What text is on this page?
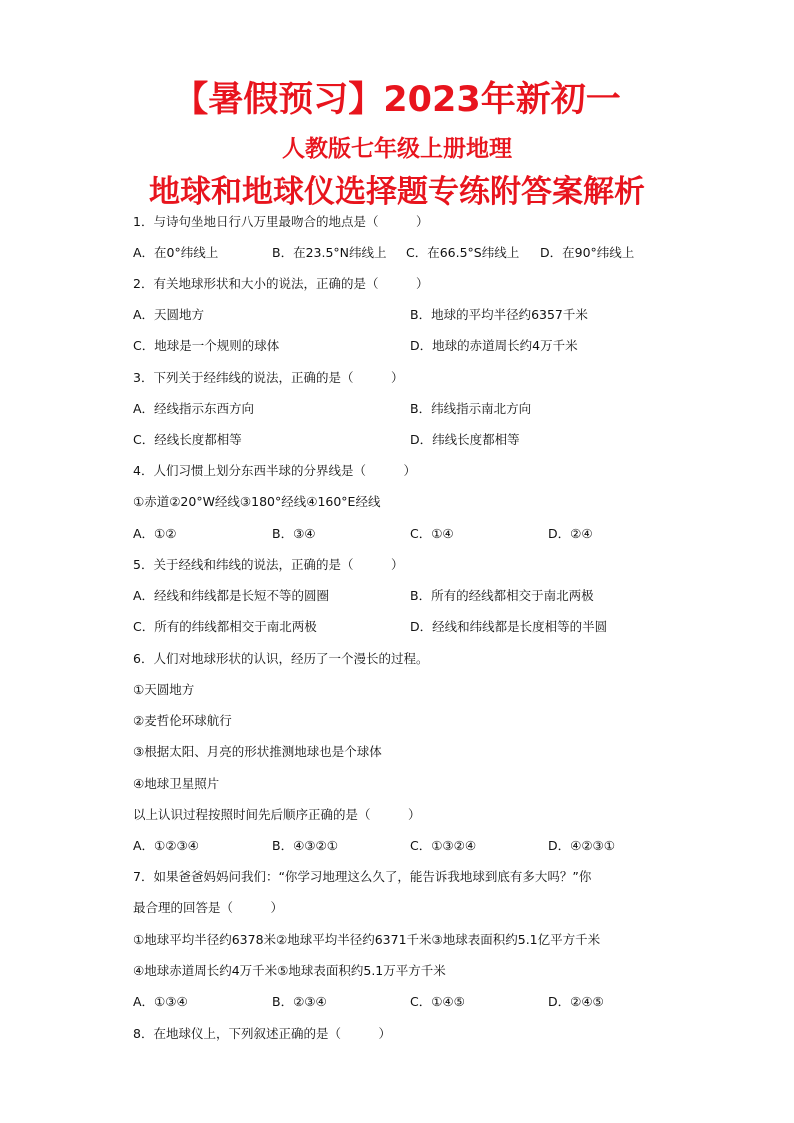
【暑假预习】2023年新初一
人教版七年级上册地理
地球和地球仪选择题专练附答案解析
1．与诗句坐地日行八万里最吻合的地点是（　　　）
A．在0°纬线上	B．在23.5°N纬线上 C．在66.5°S纬线上 D．在90°纬线上
2．有关地球形状和大小的说法，正确的是（　　　）
A．天圆地方	B．地球的平均半径约6357千米
C．地球是一个规则的球体	D．地球的赤道周长约4万千米
3．下列关于经纬线的说法，正确的是（　　　）
A．经线指示东西方向	B．纬线指示南北方向
C．经线长度都相等	D．纬线长度都相等
4．人们习惯上划分东西半球的分界线是（　　　）
①赤道②20°W经线③180°经线④160°E经线
A．①②	B．③④	C．①④	D．②④
5．关于经线和纬线的说法，正确的是（　　　）
A．经线和纬线都是长短不等的圆圈	B．所有的经线都相交于南北两极
C．所有的纬线都相交于南北两极	D．经线和纬线都是长度相等的半圆
6．人们对地球形状的认识，经历了一个漫长的过程。
①天圆地方
②麦哲伦环球航行
③根据太阳、月亮的形状推测地球也是个球体
④地球卫星照片
以上认识过程按照时间先后顺序正确的是（　　　）
A．①②③④	B．④③②①	C．①③②④	D．④②③①
7．如果爸爸妈妈问我们：“你学习地理这么久了，能告诉我地球到底有多大吗？”你
最合理的回答是（　　　）
①地球平均半径约6378米②地球平均半径约6371千米③地球表面积约5.1亿平方千米
④地球赤道周长约4万千米⑤地球表面积约5.1万平方千米
A．①③④	B．②③④	C．①④⑤	D．②④⑤
8．在地球仪上，下列叙述正确的是（　　　）
